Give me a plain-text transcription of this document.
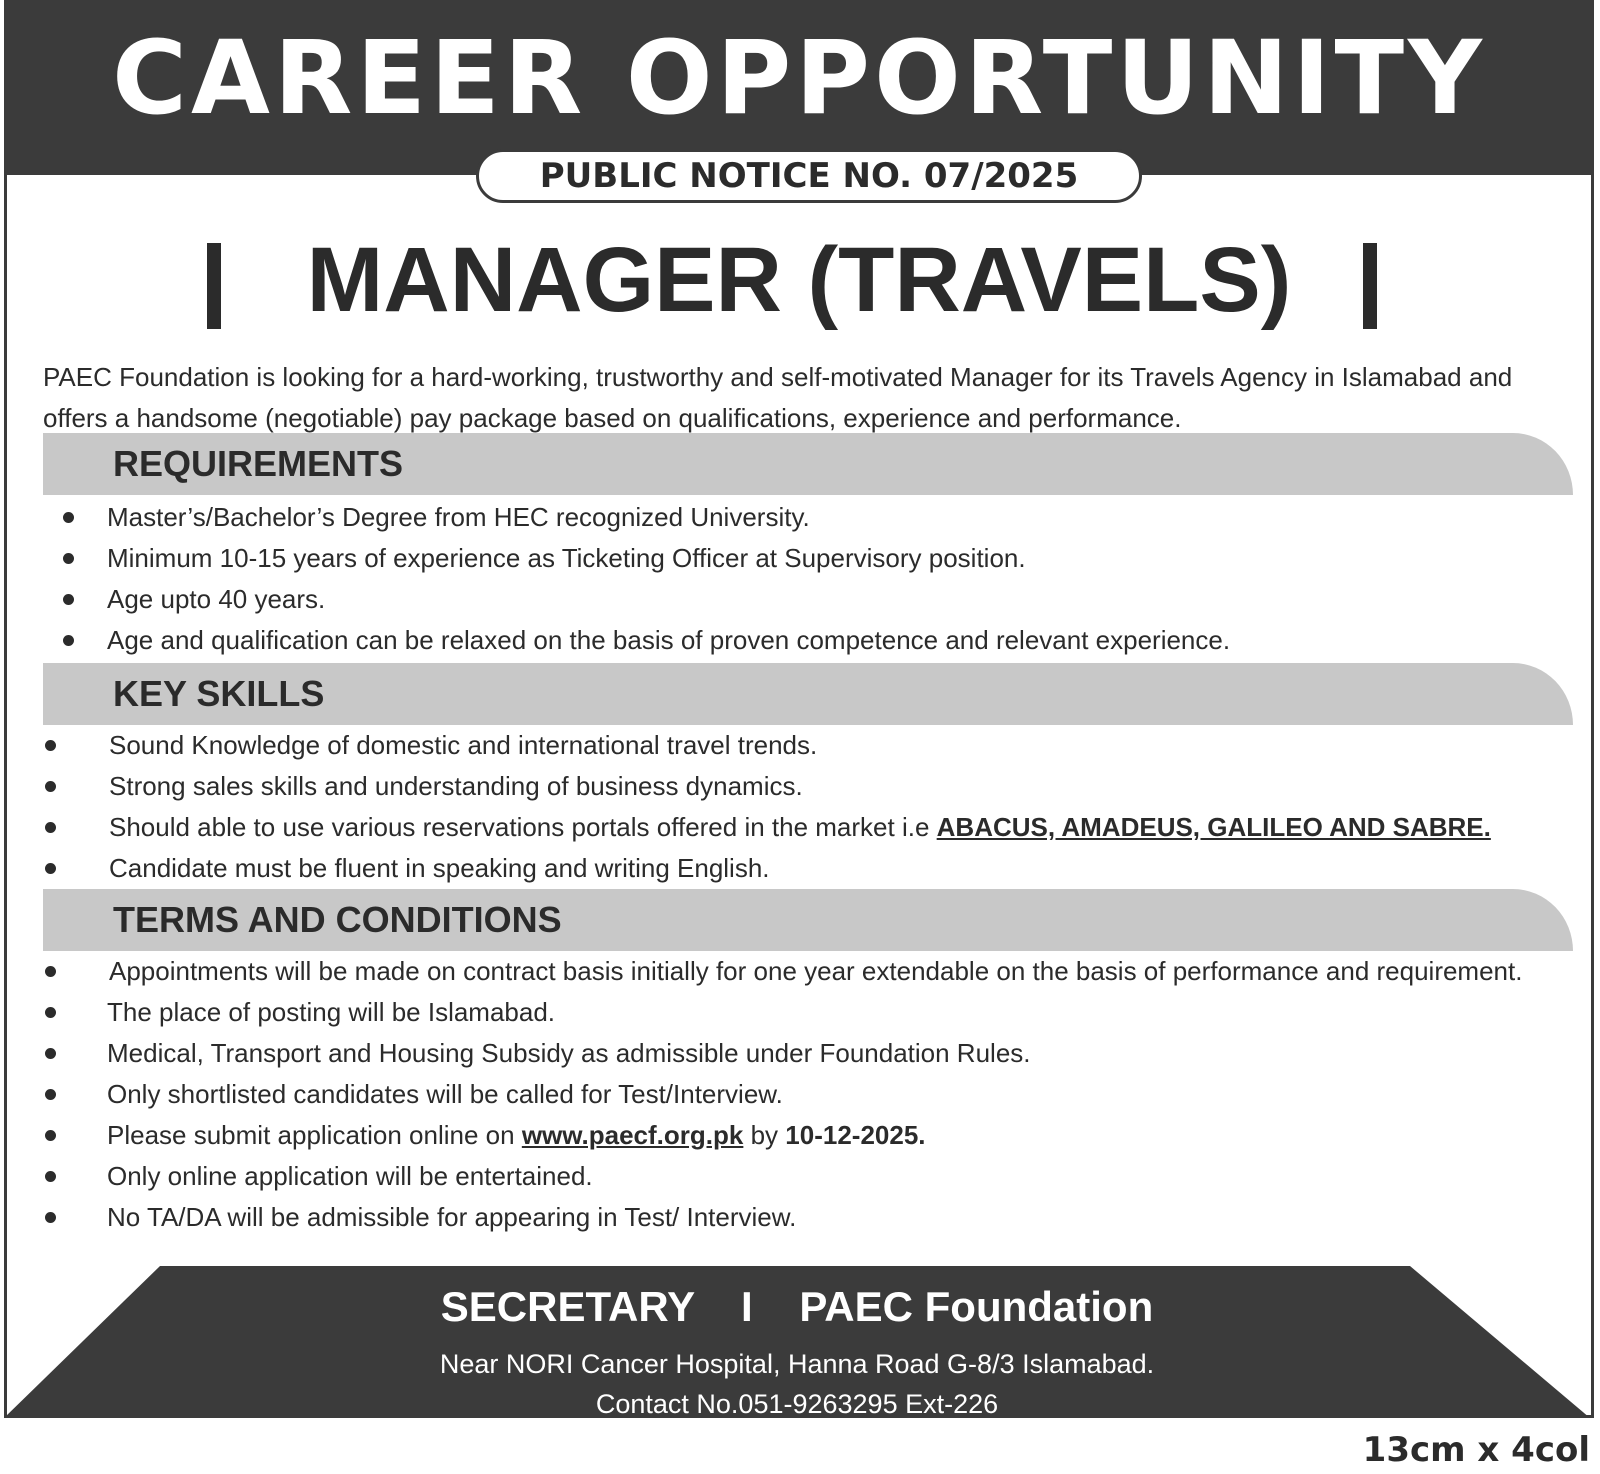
CAREER OPPORTUNITY
PUBLIC NOTICE NO. 07/2025
MANAGER (TRAVELS)
PAEC Foundation is looking for a hard-working, trustworthy and self-motivated Manager for its Travels Agency in Islamabad and offers a handsome (negotiable) pay package based on qualifications, experience and performance.
REQUIREMENTS
Master’s/Bachelor’s Degree from HEC recognized University.
Minimum 10-15 years of experience as Ticketing Officer at Supervisory position.
Age upto 40 years.
Age and qualification can be relaxed on the basis of proven competence and relevant experience.
KEY SKILLS
Sound Knowledge of domestic and international travel trends.
Strong sales skills and understanding of business dynamics.
Should able to use various reservations portals offered in the market i.e ABACUS, AMADEUS, GALILEO AND SABRE.
Candidate must be fluent in speaking and writing English.
TERMS AND CONDITIONS
Appointments will be made on contract basis initially for one year extendable on the basis of performance and requirement.
The place of posting will be Islamabad.
Medical, Transport and Housing Subsidy as admissible under Foundation Rules.
Only shortlisted candidates will be called for Test/Interview.
Please submit application online on www.paecf.org.pk by 10-12-2025.
Only online application will be entertained.
No TA/DA will be admissible for appearing in Test/ Interview.
SECRETARY    I    PAEC Foundation
Near NORI Cancer Hospital, Hanna Road G-8/3 Islamabad.
Contact No.051-9263295 Ext-226
13cm x 4col
